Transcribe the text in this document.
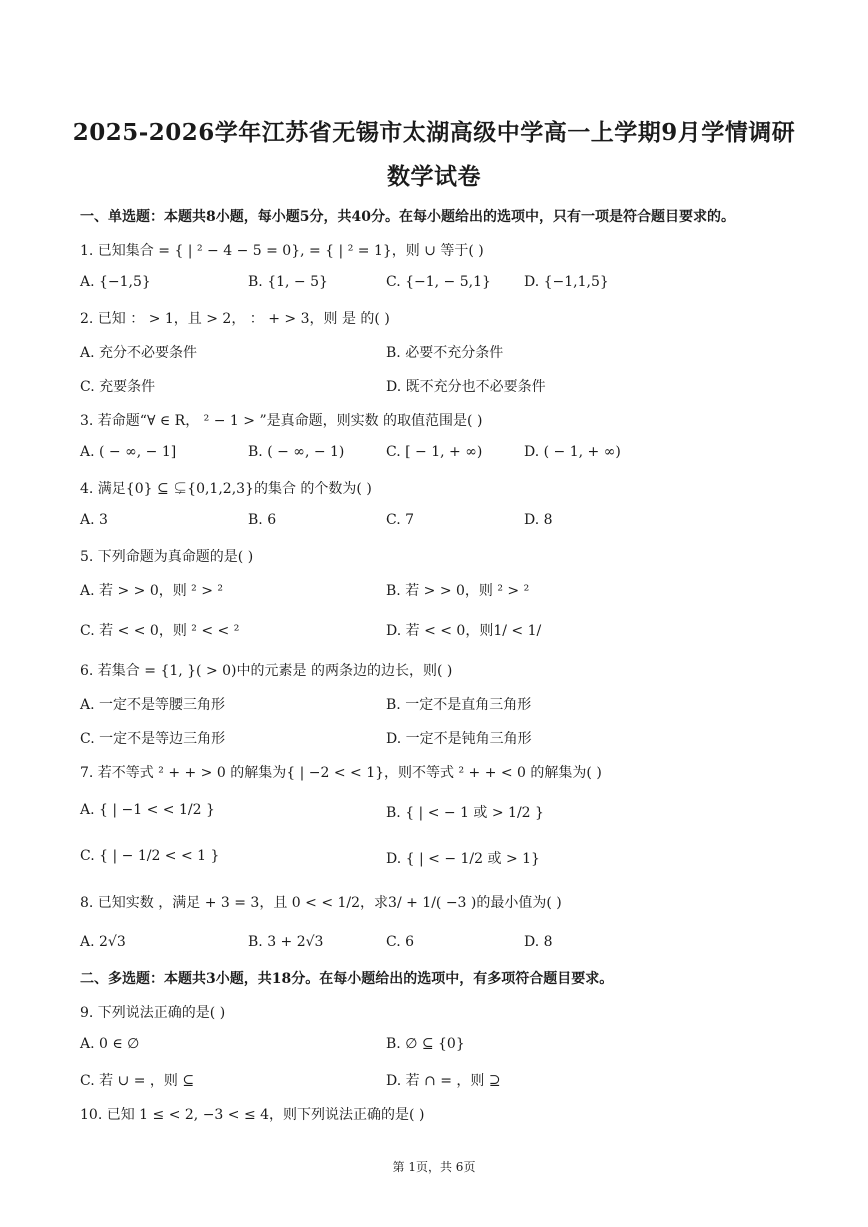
2025-2026学年江苏省无锡市太湖高级中学高一上学期9月学情调研
数学试卷
一、单选题：本题共8小题，每小题5分，共40分。在每小题给出的选项中，只有一项是符合题目要求的。
1. 已知集合 = { | ² − 4 − 5 = 0}, = { | ² = 1}，则 ∪ 等于( )
A. {−1,5}	B. {1, − 5}	C. {−1, − 5,1} D. {−1,1,5}
2. 已知 ： > 1，且 > 2， ： + > 3，则 是 的( )
A. 充分不必要条件	B. 必要不充分条件
C. 充要条件	D. 既不充分也不必要条件
3. 若命题“∀ ∈ R， ² − 1 > ”是真命题，则实数 的取值范围是( )
A. ( − ∞, − 1]	B. ( − ∞, − 1)	C. [ − 1, + ∞)	D. ( − 1, + ∞)
4. 满足{0} ⊆ ⊊{0,1,2,3}的集合 的个数为( )
A. 3	B. 6	C. 7	D. 8
5. 下列命题为真命题的是( )
A. 若 > > 0，则 ² > ²	B. 若 > > 0，则 ² > ²
C. 若 < < 0，则 ² < < ²	D. 若 < < 0，则1/ < 1/
6. 若集合 = {1, }( > 0)中的元素是 的两条边的边长，则( )
A. 一定不是等腰三角形	B. 一定不是直角三角形
C. 一定不是等边三角形	D. 一定不是钝角三角形
7. 若不等式 ² + + > 0 的解集为{ | −2 < < 1}，则不等式 ² + + < 0 的解集为( )
A. { | −1 < < 1/2 }	B. { | < − 1 或 > 1/2 }
C. { | − 1/2 < < 1 }	D. { | < − 1/2 或 > 1}
8. 已知实数 ，满足 + 3 = 3，且 0 < < 1/2，求3/ + 1/( −3 )的最小值为( )
A. 2√3	B. 3 + 2√3	C. 6	D. 8
二、多选题：本题共3小题，共18分。在每小题给出的选项中，有多项符合题目要求。
9. 下列说法正确的是( )
A. 0 ∈ ∅	B. ∅ ⊆ {0}
C. 若 ∪ = ，则 ⊆	D. 若 ∩ = ，则 ⊇
10. 已知 1 ≤ < 2, −3 < ≤ 4，则下列说法正确的是( )
第 1页，共 6页
